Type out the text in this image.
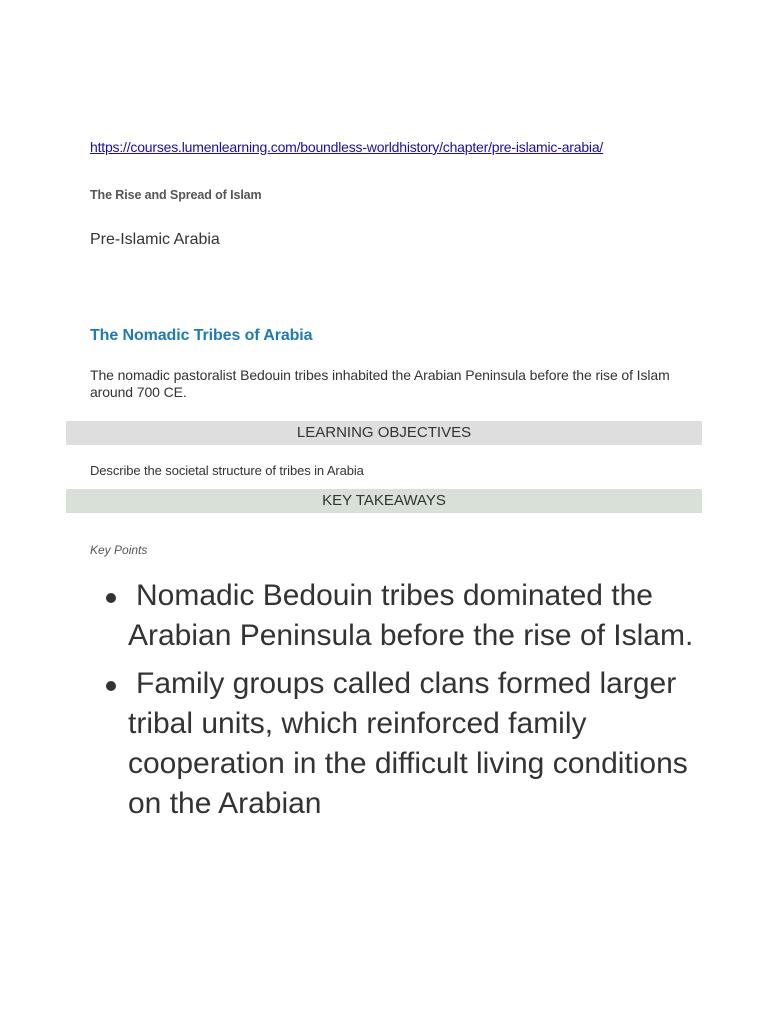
https://courses.lumenlearning.com/boundless-worldhistory/chapter/pre-islamic-arabia/
The Rise and Spread of Islam
Pre-Islamic Arabia
The Nomadic Tribes of Arabia
The nomadic pastoralist Bedouin tribes inhabited the Arabian Peninsula before the rise of Islam around 700 CE.
LEARNING OBJECTIVES
Describe the societal structure of tribes in Arabia
KEY TAKEAWAYS
Key Points
Nomadic Bedouin tribes dominated the Arabian Peninsula before the rise of Islam.
Family groups called clans formed larger tribal units, which reinforced family cooperation in the difficult living conditions on the Arabian
